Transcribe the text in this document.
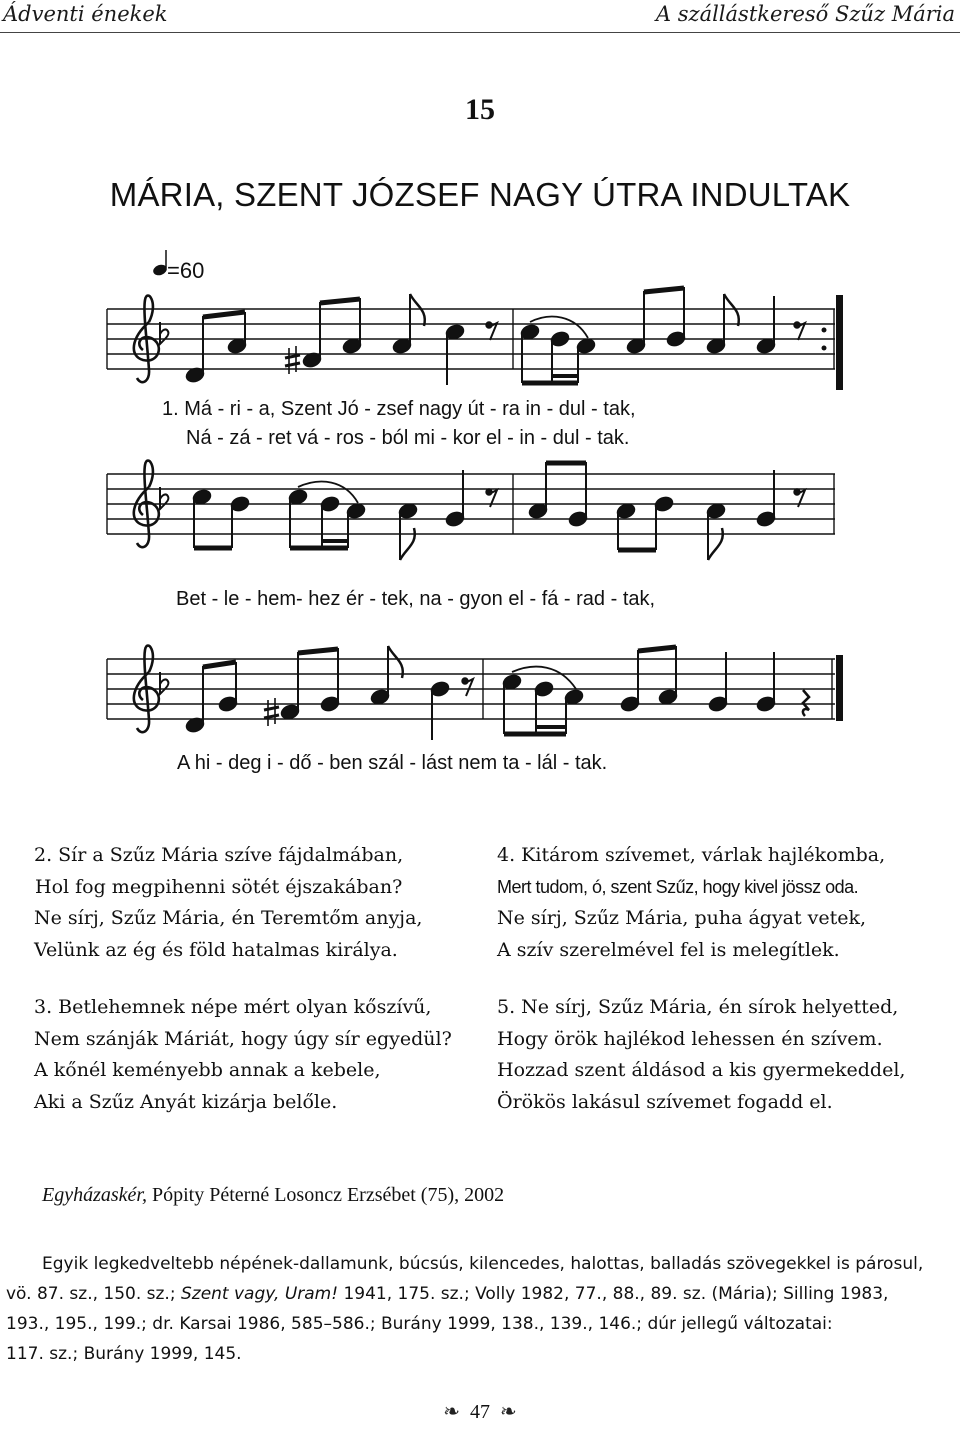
Ádventi énekek	A szállástkereső Szűz Mária
15
MÁRIA, SZENT JÓZSEF NAGY ÚTRA INDULTAK
=60
1. Má - ri - a, Szent Jó - zsef nagy út - ra in - dul - tak,
Ná - zá - ret vá - ros - ból mi - kor el - in - dul - tak.
Bet - le - hem- hez ér - tek, na - gyon el - fá - rad - tak,
A hi - deg i - dő - ben szál - lást nem ta - lál - tak.
2. Sír a Szűz Mária szíve fájdalmában,
Hol fog megpihenni sötét éjszakában?
Ne sírj, Szűz Mária, én Teremtőm anyja,
Velünk az ég és föld hatalmas királya.
3. Betlehemnek népe mért olyan kőszívű,
Nem szánják Máriát, hogy úgy sír egyedül?
A kőnél keményebb annak a kebele,
Aki a Szűz Anyát kizárja belőle.
4. Kitárom szívemet, várlak hajlékomba,
Mert tudom, ó, szent Szűz, hogy kivel jössz oda.
Ne sírj, Szűz Mária, puha ágyat vetek,
A szív szerelmével fel is melegítlek.
5. Ne sírj, Szűz Mária, én sírok helyetted,
Hogy örök hajlékod lehessen én szívem.
Hozzad szent áldásod a kis gyermekeddel,
Örökös lakásul szívemet fogadd el.
Egyházaskér, Pópity Péterné Losoncz Erzsébet (75), 2002
Egyik legkedveltebb népének-dallamunk, búcsús, kilencedes, halottas, balladás szövegekkel is párosul,
vö. 87. sz., 150. sz.; Szent vagy, Uram! 1941, 175. sz.; Volly 1982, 77., 88., 89. sz. (Mária); Silling 1983,
193., 195., 199.; dr. Karsai 1986, 585–586.; Burány 1999, 138., 139., 146.; dúr jellegű változatai:
117. sz.; Burány 1999, 145.
❧ 47 ❧
